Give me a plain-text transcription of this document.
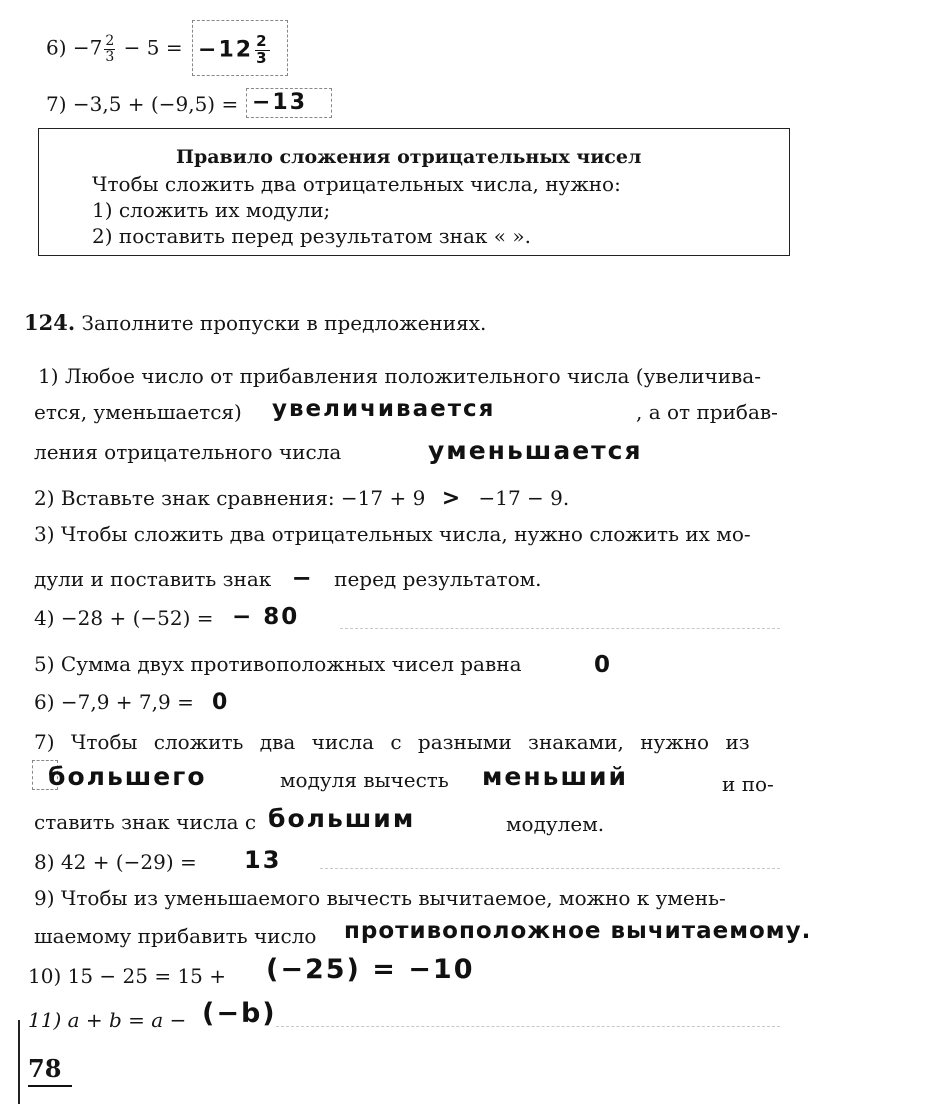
$6) -7 \frac{2}{3} - 5 = -12 \frac{2}{3}$
7) −3,5 + (−9,5) = −13
Правило сложения отрицательных чисел
Чтобы сложить два отрицательных числа, нужно:
1) сложить их модули;
2) поставить перед результатом знак « ».
124. Заполните пропуски в предложениях.
1) Любое число от прибавления положительного числа (увеличива-
ется, уменьшается) увеличивается	, а от прибав-
ления отрицательного числа	уменьшается
2) Вставьте знак сравнения: −17 + 9 > −17 − 9.
3) Чтобы сложить два отрицательных числа, нужно сложить их мо-
дули и поставить знак − перед результатом.
4) −28 + (−52) = − 80
5) Сумма двух противоположных чисел равна	0
6) −7,9 + 7,9 = 0
7) Чтобы сложить два числа с разными знаками, нужно из
большего	модуля вычесть меньший	и по-
ставить знак числа с большим	модулем.
8) 42 + (−29) = 13
9) Чтобы из уменьшаемого вычесть вычитаемое, можно к умень-
шаемому прибавить число противоположное вычитаемому.
10) 15 − 25 = 15 + (−25) = −10
11) a + b = a − (−b)
78
